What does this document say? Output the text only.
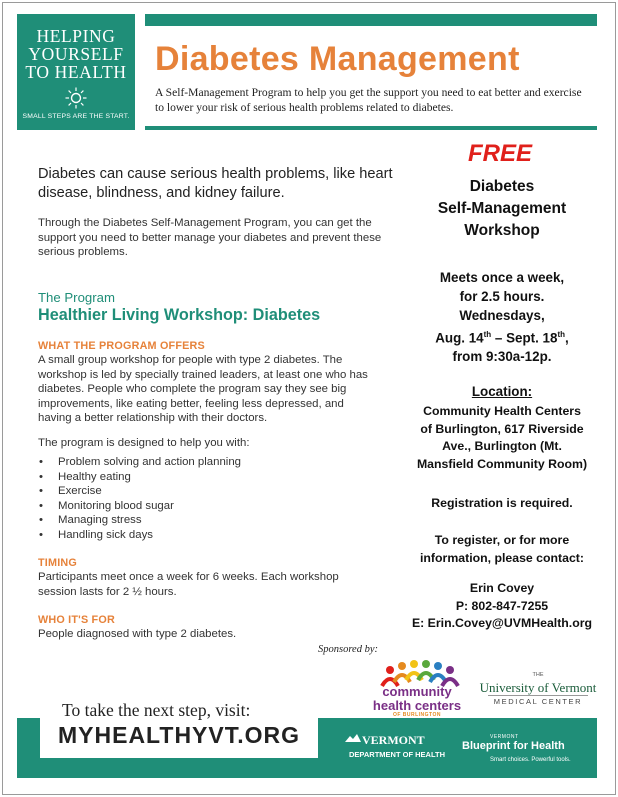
HELPING
YOURSELF
TO HEALTH
SMALL STEPS ARE THE START.
Diabetes Management
A Self-Management Program to help you get the support you need to eat better and exercise to lower your risk of serious health problems related to diabetes.
Diabetes can cause serious health problems, like heart disease, blindness, and kidney failure.
Through the Diabetes Self-Management Program, you can get the support you need to better manage your diabetes and prevent these serious problems.
The Program
Healthier Living Workshop: Diabetes
WHAT THE PROGRAM OFFERS
A small group workshop for people with type 2 diabetes. The workshop is led by specially trained leaders, at least one who has diabetes. People who complete the program say they see big improvements, like eating better, feeling less depressed, and having a better relationship with their doctors.
The program is designed to help you with:
• Problem solving and action planning
• Healthy eating
• Exercise
• Monitoring blood sugar
• Managing stress
• Handling sick days
TIMING
Participants meet once a week for 6 weeks. Each workshop session lasts for 2 ½ hours.
WHO IT'S FOR
People diagnosed with type 2 diabetes.
FREE
Diabetes
Self-Management
Workshop
Meets once a week,
for 2.5 hours.
Wednesdays,
Aug. 14th – Sept. 18th,
from 9:30a-12p.
Location:
Community Health Centers
of Burlington, 617 Riverside
Ave., Burlington (Mt.
Mansfield Community Room)
Registration is required.
To register, or for more
information, please contact:
Erin Covey
P: 802-847-7255
E: Erin.Covey@UVMHealth.org
Sponsored by:
community
health centers
OF BURLINGTON
THE
University of Vermont
MEDICAL CENTER
To take the next step, visit:
MYHEALTHYVT.ORG	VERMONT
DEPARTMENT OF HEALTH
VERMONT
Blueprint for Health
Smart choices. Powerful tools.
